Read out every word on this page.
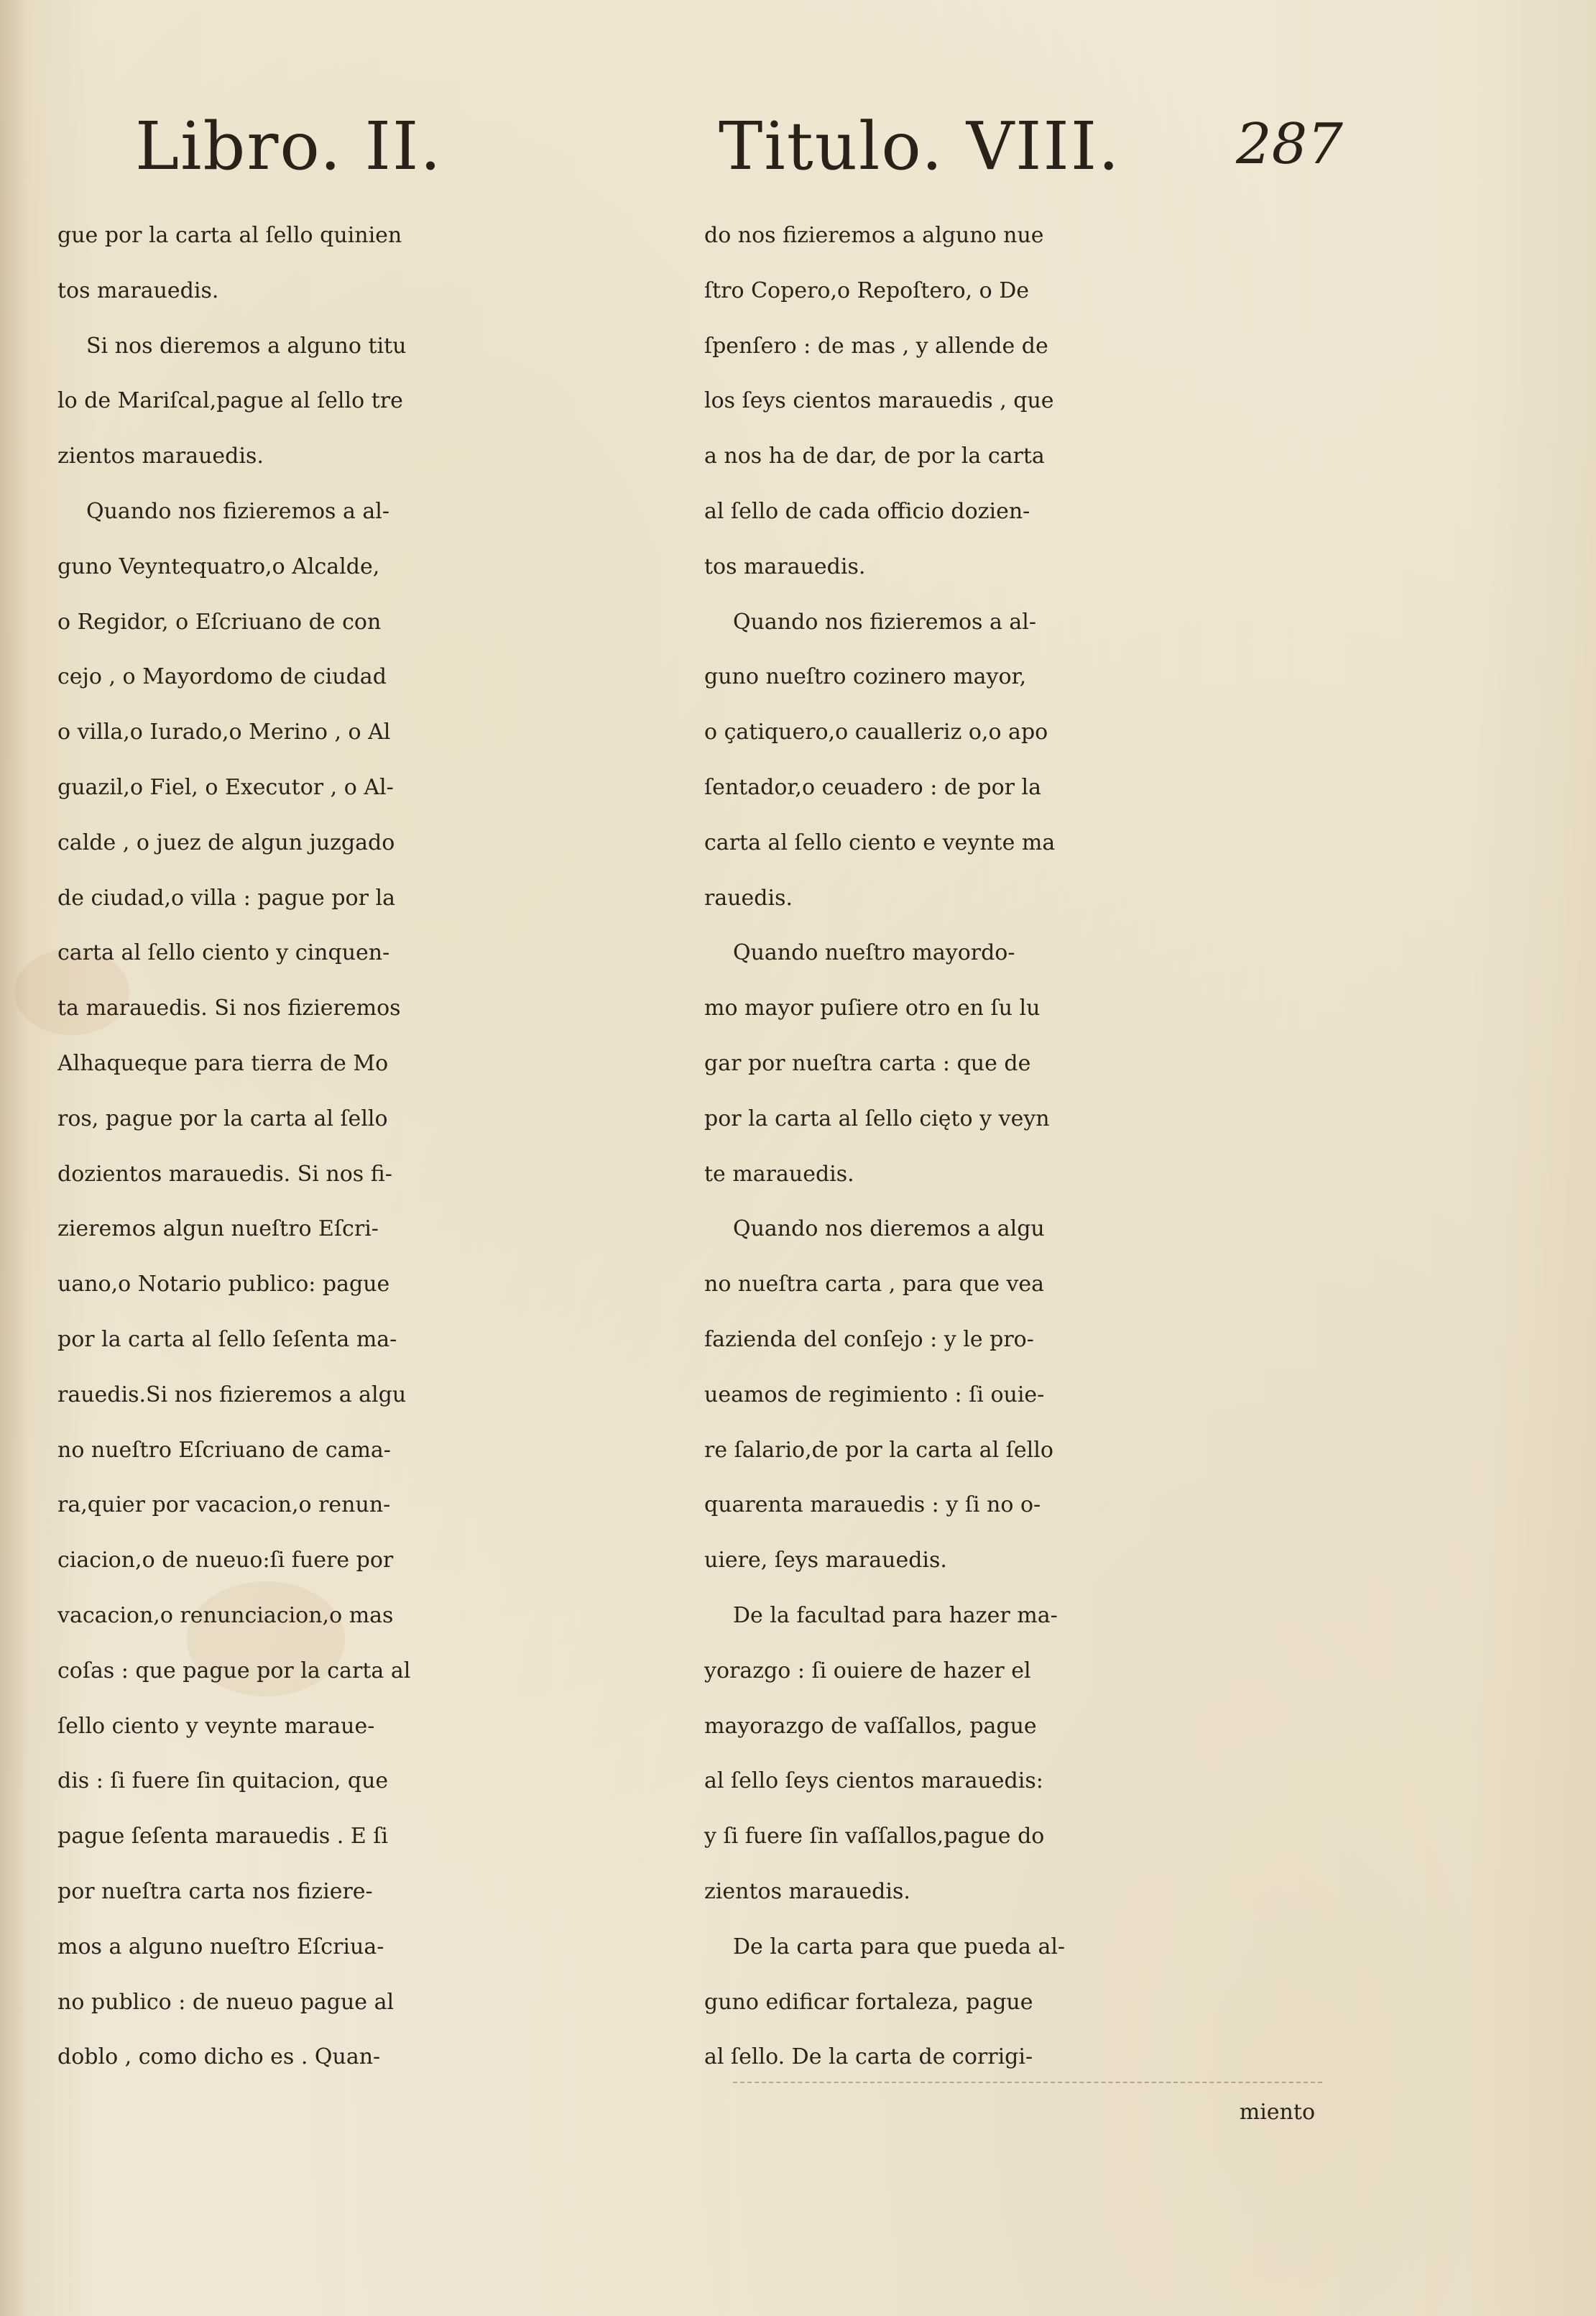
Libro. II.	Titulo. VIII. 287
gue por la carta al ſello quinien
tos marauedis.
Si nos dieremos a alguno titu
lo de Mariſcal,pague al ſello tre
zientos marauedis.
Quando nos fizieremos a al-
guno Veyntequatro,o Alcalde,
o Regidor, o Eſcriuano de con
cejo , o Mayordomo de ciudad
o villa,o Iurado,o Merino , o Al
guazil,o Fiel, o Executor , o Al-
calde , o juez de algun juzgado
de ciudad,o villa : pague por la
carta al ſello ciento y cinquen-
ta marauedis. Si nos fizieremos
Alhaqueque para tierra de Mo
ros, pague por la carta al ſello
dozientos marauedis. Si nos fi-
zieremos algun nueſtro Eſcri-
uano,o Notario publico: pague
por la carta al ſello ſeſenta ma-
rauedis.Si nos fizieremos a algu
no nueſtro Eſcriuano de cama-
ra,quier por vacacion,o renun-
ciacion,o de nueuo:ſi fuere por
vacacion,o renunciacion,o mas
coſas : que pague por la carta al
ſello ciento y veynte maraue-
dis : ſi fuere ſin quitacion, que
pague ſeſenta marauedis . E ſi
por nueſtra carta nos fiziere-
mos a alguno nueſtro Eſcriua-
no publico : de nueuo pague al
doblo , como dicho es . Quan-
do nos fizieremos a alguno nue
ſtro Copero,o Repoſtero, o De
ſpenſero : de mas , y allende de
los ſeys cientos marauedis , que
a nos ha de dar, de por la carta
al ſello de cada officio dozien-
tos marauedis.
Quando nos fizieremos a al-
guno nueſtro cozinero mayor,
o çatiquero,o caualleriz o,o apo
ſentador,o ceuadero : de por la
carta al ſello ciento e veynte ma
rauedis.
Quando nueſtro mayordo-
mo mayor puſiere otro en ſu lu
gar por nueſtra carta : que de
por la carta al ſello cięto y veyn
te marauedis.
Quando nos dieremos a algu
no nueſtra carta , para que vea
fazienda del conſejo : y le pro-
ueamos de regimiento : ſi ouie-
re ſalario,de por la carta al ſello
quarenta marauedis : y ſi no o-
uiere, ſeys marauedis.
De la facultad para hazer ma-
yorazgo : ſi ouiere de hazer el
mayorazgo de vaſſallos, pague
al ſello ſeys cientos marauedis:
y ſi fuere ſin vaſſallos,pague do
zientos marauedis.
De la carta para que pueda al-
guno edificar fortaleza, pague
al ſello. De la carta de corrigi-
miento
